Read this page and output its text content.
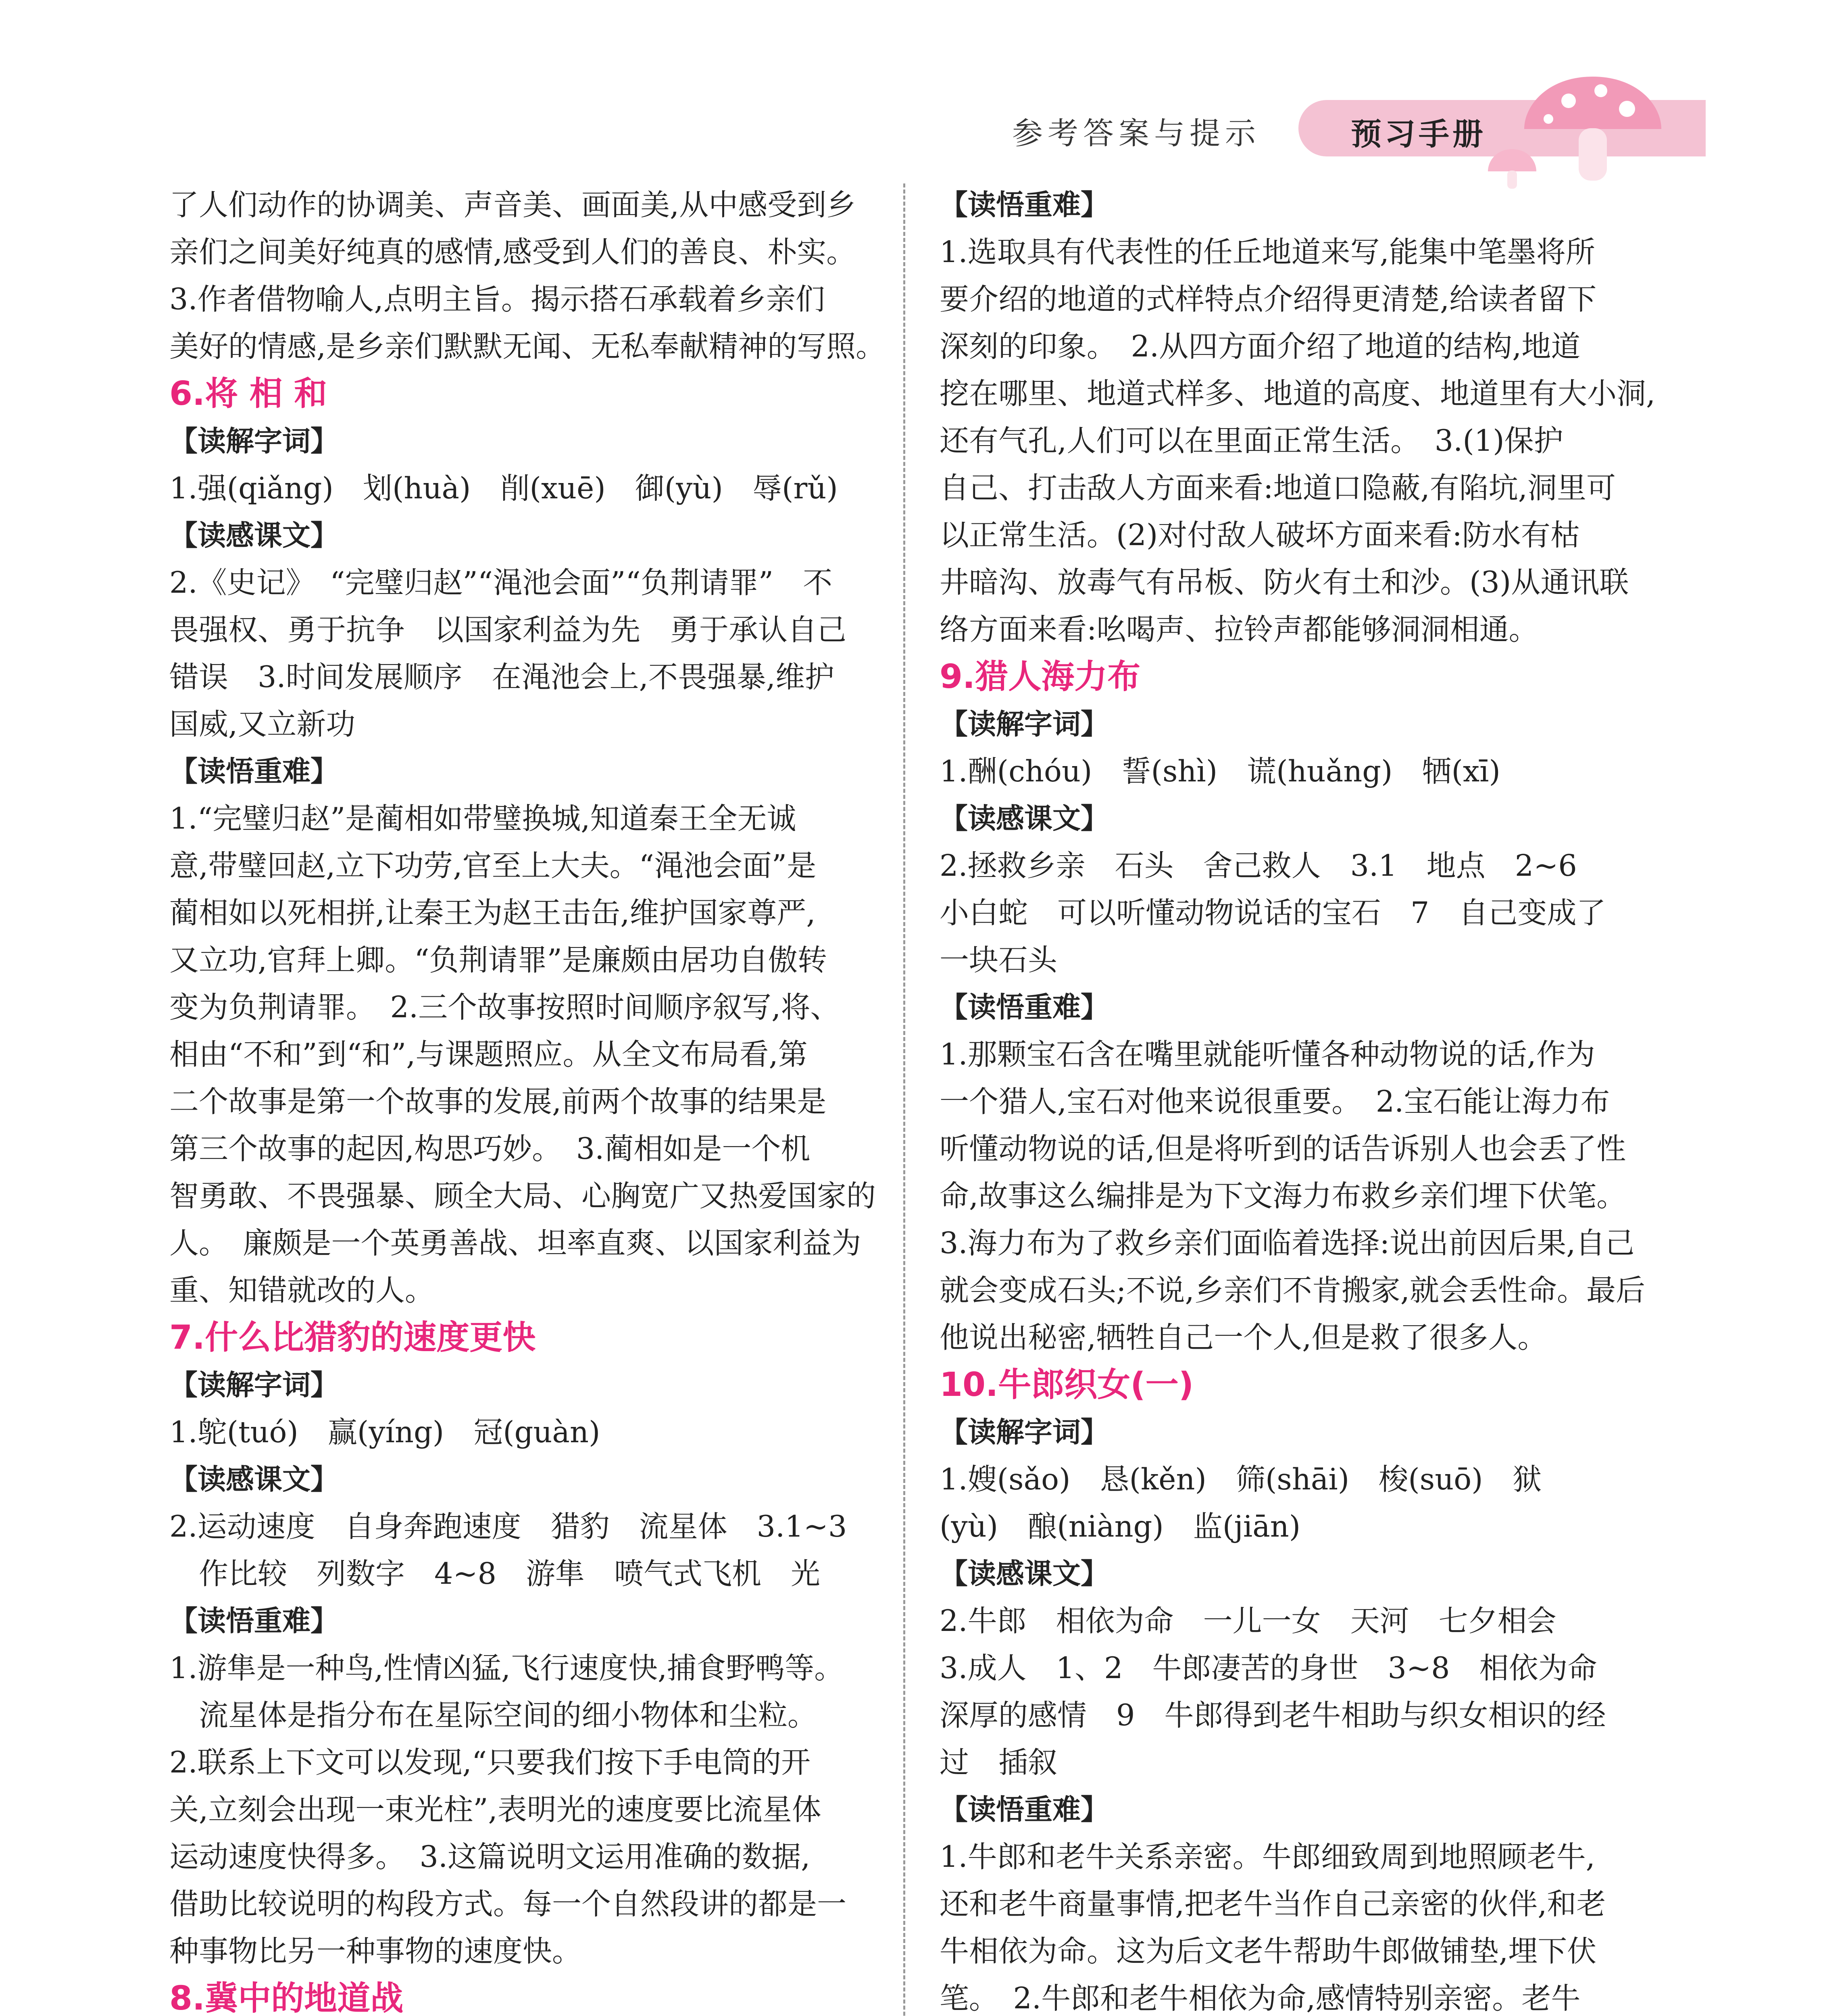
参考答案与提示	预习手册
了人们动作的协调美、声音美、画面美,从中感受到乡
亲们之间美好纯真的感情,感受到人们的善良、朴实。
3.作者借物喻人,点明主旨。揭示搭石承载着乡亲们
美好的情感,是乡亲们默默无闻、无私奉献精神的写照。
6.将 相 和
【读解字词】
1.强(qiǎng)　划(huà)　削(xuē)　御(yù)　辱(rǔ)
【读感课文】
2.《史记》　“完璧归赵”“渑池会面”“负荆请罪”　不
畏强权、勇于抗争　以国家利益为先　勇于承认自己
错误　3.时间发展顺序　在渑池会上,不畏强暴,维护
国威,又立新功
【读悟重难】
1.“完璧归赵”是蔺相如带璧换城,知道秦王全无诚
意,带璧回赵,立下功劳,官至上大夫。“渑池会面”是
蔺相如以死相拼,让秦王为赵王击缶,维护国家尊严,
又立功,官拜上卿。“负荆请罪”是廉颇由居功自傲转
变为负荆请罪。　2.三个故事按照时间顺序叙写,将、
相由“不和”到“和”,与课题照应。从全文布局看,第
二个故事是第一个故事的发展,前两个故事的结果是
第三个故事的起因,构思巧妙。　3.蔺相如是一个机
智勇敢、不畏强暴、顾全大局、心胸宽广又热爱国家的
人。　廉颇是一个英勇善战、坦率直爽、以国家利益为
重、知错就改的人。
7.什么比猎豹的速度更快
【读解字词】
1.鸵(tuó)　赢(yíng)　冠(guàn)
【读感课文】
2.运动速度　自身奔跑速度　猎豹　流星体　3.1~3
　作比较　列数字　4~8　游隼　喷气式飞机　光
【读悟重难】
1.游隼是一种鸟,性情凶猛,飞行速度快,捕食野鸭等。
　流星体是指分布在星际空间的细小物体和尘粒。
2.联系上下文可以发现,“只要我们按下手电筒的开
关,立刻会出现一束光柱”,表明光的速度要比流星体
运动速度快得多。　3.这篇说明文运用准确的数据,
借助比较说明的构段方式。每一个自然段讲的都是一
种事物比另一种事物的速度快。
8.冀中的地道战
【读悟重难】
1.选取具有代表性的任丘地道来写,能集中笔墨将所
要介绍的地道的式样特点介绍得更清楚,给读者留下
深刻的印象。　2.从四方面介绍了地道的结构,地道
挖在哪里、地道式样多、地道的高度、地道里有大小洞,
还有气孔,人们可以在里面正常生活。　3.(1)保护
自己、打击敌人方面来看:地道口隐蔽,有陷坑,洞里可
以正常生活。(2)对付敌人破坏方面来看:防水有枯
井暗沟、放毒气有吊板、防火有土和沙。(3)从通讯联
络方面来看:吆喝声、拉铃声都能够洞洞相通。
9.猎人海力布
【读解字词】
1.酬(chóu)　誓(shì)　谎(huǎng)　牺(xī)
【读感课文】
2.拯救乡亲　石头　舍己救人　3.1　地点　2~6
小白蛇　可以听懂动物说话的宝石　7　自己变成了
一块石头
【读悟重难】
1.那颗宝石含在嘴里就能听懂各种动物说的话,作为
一个猎人,宝石对他来说很重要。　2.宝石能让海力布
听懂动物说的话,但是将听到的话告诉别人也会丢了性
命,故事这么编排是为下文海力布救乡亲们埋下伏笔。
3.海力布为了救乡亲们面临着选择:说出前因后果,自己
就会变成石头;不说,乡亲们不肯搬家,就会丢性命。最后
他说出秘密,牺牲自己一个人,但是救了很多人。
10.牛郎织女(一)
【读解字词】
1.嫂(sǎo)　恳(kěn)　筛(shāi)　梭(suō)　狱
(yù)　酿(niàng)　监(jiān)
【读感课文】
2.牛郎　相依为命　一儿一女　天河　七夕相会
3.成人　1、2　牛郎凄苦的身世　3~8　相依为命
深厚的感情　9　牛郎得到老牛相助与织女相识的经
过　插叙
【读悟重难】
1.牛郎和老牛关系亲密。牛郎细致周到地照顾老牛,
还和老牛商量事情,把老牛当作自己亲密的伙伴,和老
牛相依为命。这为后文老牛帮助牛郎做铺垫,埋下伏
笔。　2.牛郎和老牛相依为命,感情特别亲密。老牛
